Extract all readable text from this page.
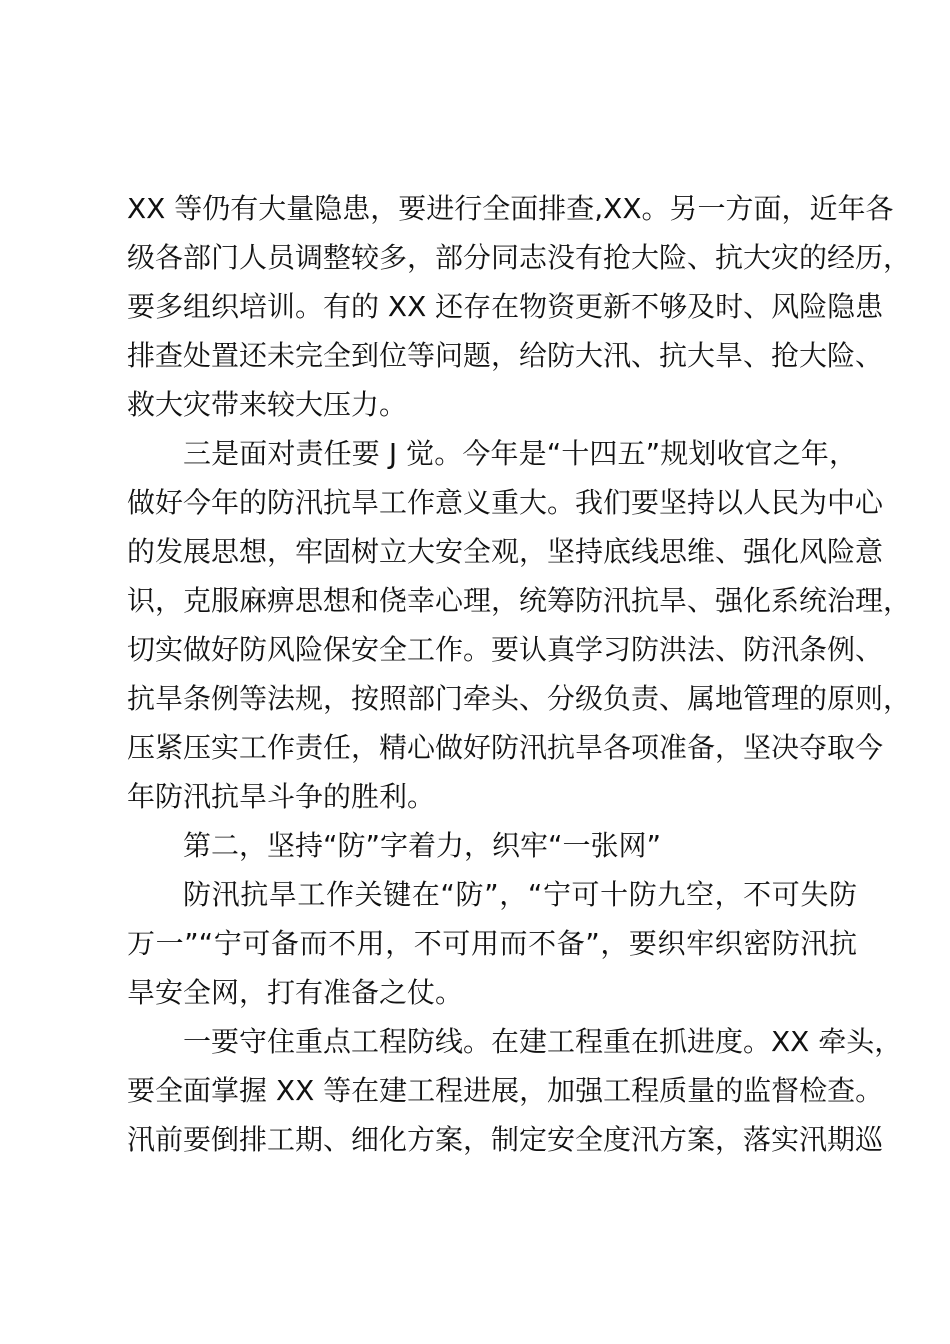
XX 等仍有大量隐患，要进行全面排查,XX。另一方面，近年各
级各部门人员调整较多，部分同志没有抢大险、抗大灾的经历，
要多组织培训。有的 XX 还存在物资更新不够及时、风险隐患
排查处置还未完全到位等问题，给防大汛、抗大旱、抢大险、
救大灾带来较大压力。
三是面对责任要 J 觉。今年是“十四五”规划收官之年，
做好今年的防汛抗旱工作意义重大。我们要坚持以人民为中心
的发展思想，牢固树立大安全观，坚持底线思维、强化风险意
识，克服麻痹思想和侥幸心理，统筹防汛抗旱、强化系统治理，
切实做好防风险保安全工作。要认真学习防洪法、防汛条例、
抗旱条例等法规，按照部门牵头、分级负责、属地管理的原则，
压紧压实工作责任，精心做好防汛抗旱各项准备，坚决夺取今
年防汛抗旱斗争的胜利。
第二，坚持“防”字着力，织牢“一张网”
防汛抗旱工作关键在“防”，“宁可十防九空，不可失防
万一”“宁可备而不用，不可用而不备”，要织牢织密防汛抗
旱安全网，打有准备之仗。
一要守住重点工程防线。在建工程重在抓进度。XX 牵头，
要全面掌握 XX 等在建工程进展，加强工程质量的监督检查。
汛前要倒排工期、细化方案，制定安全度汛方案，落实汛期巡
